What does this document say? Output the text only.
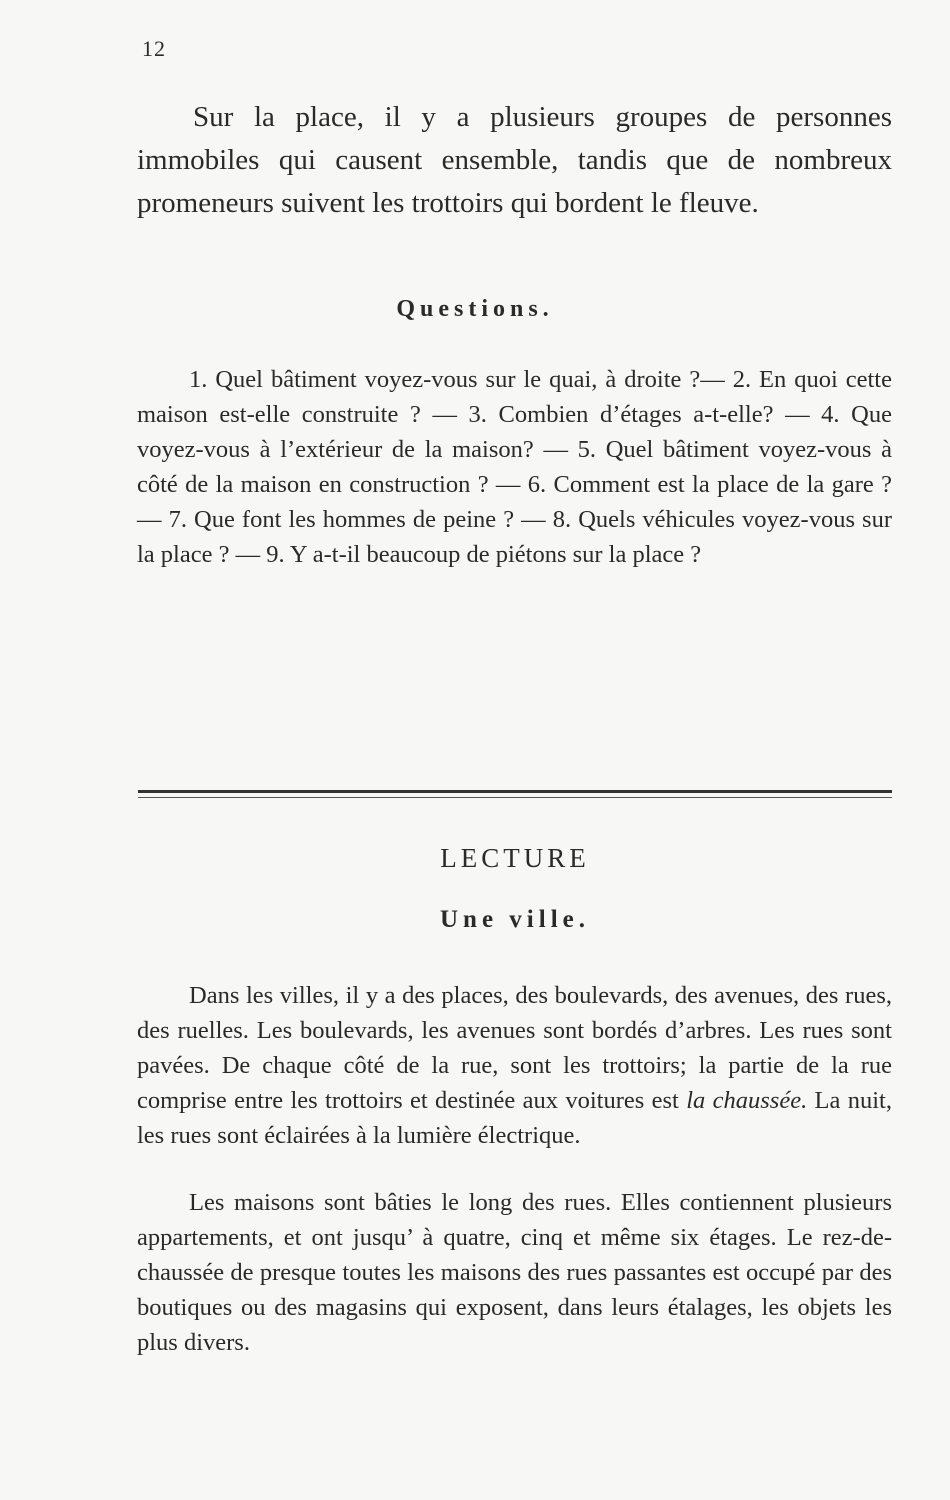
12

Sur la place, il y a plusieurs groupes de personnes immobiles qui causent ensemble, tandis que de nombreux promeneurs suivent les trottoirs qui bordent le fleuve.

Questions.

1. Quel bâtiment voyez-vous sur le quai, à droite ?— 2. En quoi cette maison est-elle construite ? — 3. Combien d’étages a-t-elle? — 4. Que voyez-vous à l’extérieur de la maison? — 5. Quel bâtiment voyez-vous à côté de la maison en construction ? — 6. Comment est la place de la gare ? — 7. Que font les hommes de peine ? — 8. Quels véhicules voyez-vous sur la place ? — 9. Y a-t-il beaucoup de piétons sur la place ?

LECTURE
Une ville.

Dans les villes, il y a des places, des boulevards, des avenues, des rues, des ruelles. Les boulevards, les avenues sont bordés d’arbres. Les rues sont pavées. De chaque côté de la rue, sont les trottoirs; la partie de la rue comprise entre les trottoirs et destinée aux voitures est la chaussée. La nuit, les rues sont éclairées à la lumière électrique.

Les maisons sont bâties le long des rues. Elles contiennent plusieurs appartements, et ont jusqu’ à quatre, cinq et même six étages. Le rez-de-chaussée de presque toutes les maisons des rues passantes est occupé par des boutiques ou des magasins qui exposent, dans leurs étalages, les objets les plus divers.
